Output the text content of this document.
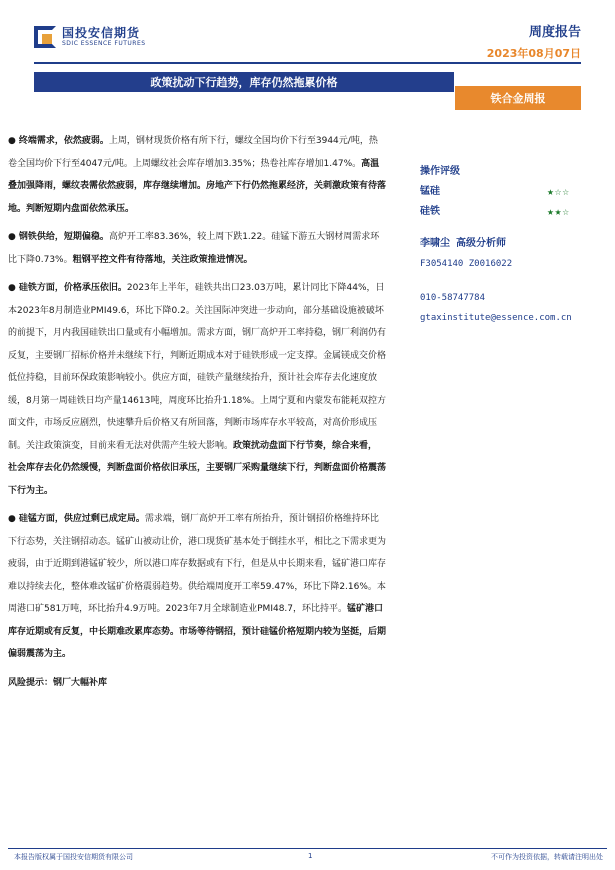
国投安信期货
SDIC ESSENCE FUTURES
周度报告
2023年08月07日
政策扰动下行趋势，库存仍然拖累价格
铁合金周报

● 终端需求，依然疲弱。上周，钢材现货价格有所下行，螺纹全国均价下行至3944元/吨，热卷全国均价下行至4047元/吨。上周螺纹社会库存增加3.35%；热卷社库存增加1.47%。高温叠加强降雨，螺纹表需依然疲弱，库存继续增加。房地产下行仍然拖累经济，关刺激政策有待落地。判断短期内盘面依然承压。

● 钢铁供给，短期偏稳。高炉开工率83.36%，较上周下跌1.22。硅锰下游五大钢材周需求环比下降0.73%。粗钢平控文件有待落地，关注政策推进情况。

● 硅铁方面，价格承压依旧。2023年上半年，硅铁共出口23.03万吨，累计同比下降44%，日本2023年8月制造业PMI49.6，环比下降0.2。关注国际冲突进一步动向，部分基础设施被破坏的前提下，月内我国硅铁出口量或有小幅增加。需求方面，钢厂高炉开工率持稳，钢厂利润仍有反复，主要钢厂招标价格并未继续下行，判断近期成本对于硅铁形成一定支撑。金属镁成交价格低位持稳，目前环保政策影响较小。供应方面，硅铁产量继续抬升，预计社会库存去化速度放缓，8月第一周硅铁日均产量14613吨，周度环比抬升1.18%。上周宁夏和内蒙发布能耗双控方面文件，市场反应剧烈，快速攀升后价格又有所回落，判断市场库存水平较高，对高价形成压制。关注政策演变，目前来看无法对供需产生较大影响。政策扰动盘面下行节奏，综合来看，社会库存去化仍然缓慢，判断盘面价格依旧承压，主要钢厂采购量继续下行，判断盘面价格震荡下行为主。

● 硅锰方面，供应过剩已成定局。需求端，钢厂高炉开工率有所抬升，预计钢招价格维持环比下行态势，关注钢招动态。锰矿山被动让价，港口现货矿基本处于倒挂水平，相比之下需求更为疲弱，由于近期到港锰矿较少，所以港口库存数据或有下行，但是从中长期来看，锰矿港口库存难以持续去化，整体难改锰矿价格震弱趋势。供给端周度开工率59.47%，环比下降2.16%。本周港口矿581万吨，环比抬升4.9万吨。2023年7月全球制造业PMI48.7，环比持平。锰矿港口库存近期或有反复，中长期难改累库态势。市场等待钢招，预计硅锰价格短期内较为坚挺，后期偏弱震荡为主。

风险提示：钢厂大幅补库

操作评级
锰硅	★☆☆
硅铁	★★☆
李啸尘 高级分析师
F3054140 Z0016022
010-58747784
gtaxinstitute@essence.com.cn
本报告版权属于国投安信期货有限公司	1	不可作为投资依据，转载请注明出处
